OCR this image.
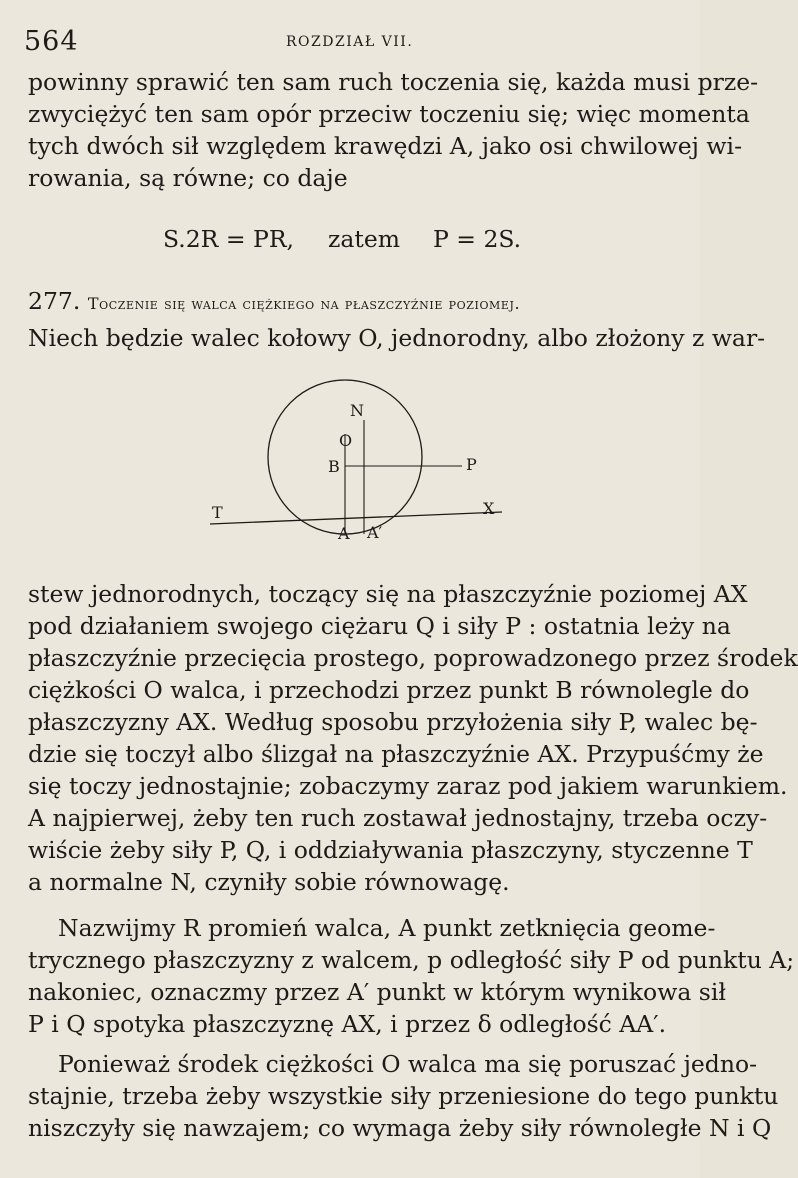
564	ROZDZIAŁ VII.
powinny sprawić ten sam ruch toczenia się, każda musi prze-
zwyciężyć ten sam opór przeciw toczeniu się; więc momenta
tych dwóch sił względem krawędzi A, jako osi chwilowej wi-
rowania, są równe; co daje
S.2R = PR, zatem P = 2S.
277. Toczenie się walca ciężkiego na płaszczyźnie poziomej.
Niech będzie walec kołowy O, jednorodny, albo złożony z war-
N
O
B	P
T	X
A A′
stew jednorodnych, toczący się na płaszczyźnie poziomej AX
pod działaniem swojego ciężaru Q i siły P : ostatnia leży na
płaszczyźnie przecięcia prostego, poprowadzonego przez środek
ciężkości O walca, i przechodzi przez punkt B równolegle do
płaszczyzny AX. Według sposobu przyłożenia siły P, walec bę-
dzie się toczył albo ślizgał na płaszczyźnie AX. Przypuśćmy że
się toczy jednostajnie; zobaczymy zaraz pod jakiem warunkiem.
A najpierwej, żeby ten ruch zostawał jednostajny, trzeba oczy-
wiście żeby siły P, Q, i oddziaływania płaszczyny, styczenne T
a normalne N, czyniły sobie równowagę.
Nazwijmy R promień walca, A punkt zetknięcia geome-
trycznego płaszczyzny z walcem, p odległość siły P od punktu A;
nakoniec, oznaczmy przez A′ punkt w którym wynikowa sił
P i Q spotyka płaszczyznę AX, i przez δ odległość AA′.
Ponieważ środek ciężkości O walca ma się poruszać jedno-
stajnie, trzeba żeby wszystkie siły przeniesione do tego punktu
niszczyły się nawzajem; co wymaga żeby siły równoległe N i Q
